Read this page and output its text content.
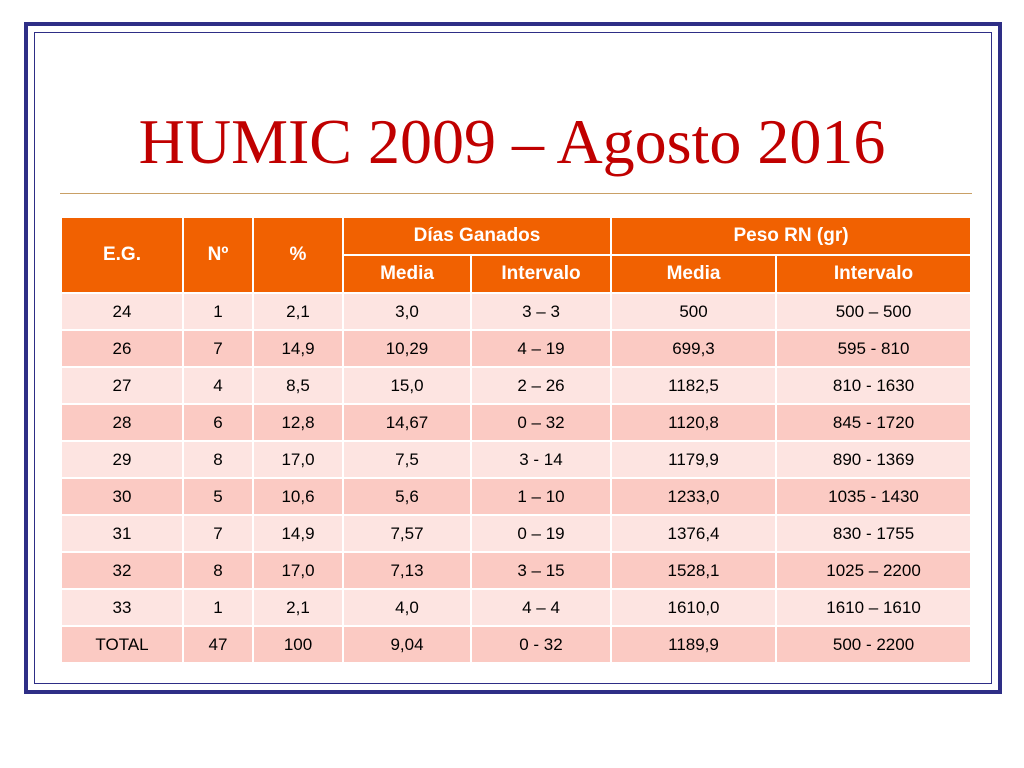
HUMIC 2009 – Agosto 2016
E.G.	Nº	%	Días Ganados		Peso RN (gr)	
			Media	Intervalo	Media	Intervalo
24	1	2,1	3,0	3 – 3	500	500 – 500
26	7	14,9	10,29	4 – 19	699,3	595 - 810
27	4	8,5	15,0	2 – 26	1182,5	810 - 1630
28	6	12,8	14,67	0 – 32	1120,8	845 - 1720
29	8	17,0	7,5	3 - 14	1179,9	890 - 1369
30	5	10,6	5,6	1 – 10	1233,0	1035 - 1430
31	7	14,9	7,57	0 – 19	1376,4	830 - 1755
32	8	17,0	7,13	3 – 15	1528,1	1025 – 2200
33	1	2,1	4,0	4 – 4	1610,0	1610 – 1610
TOTAL	47	100	9,04	0 - 32	1189,9	500 - 2200
